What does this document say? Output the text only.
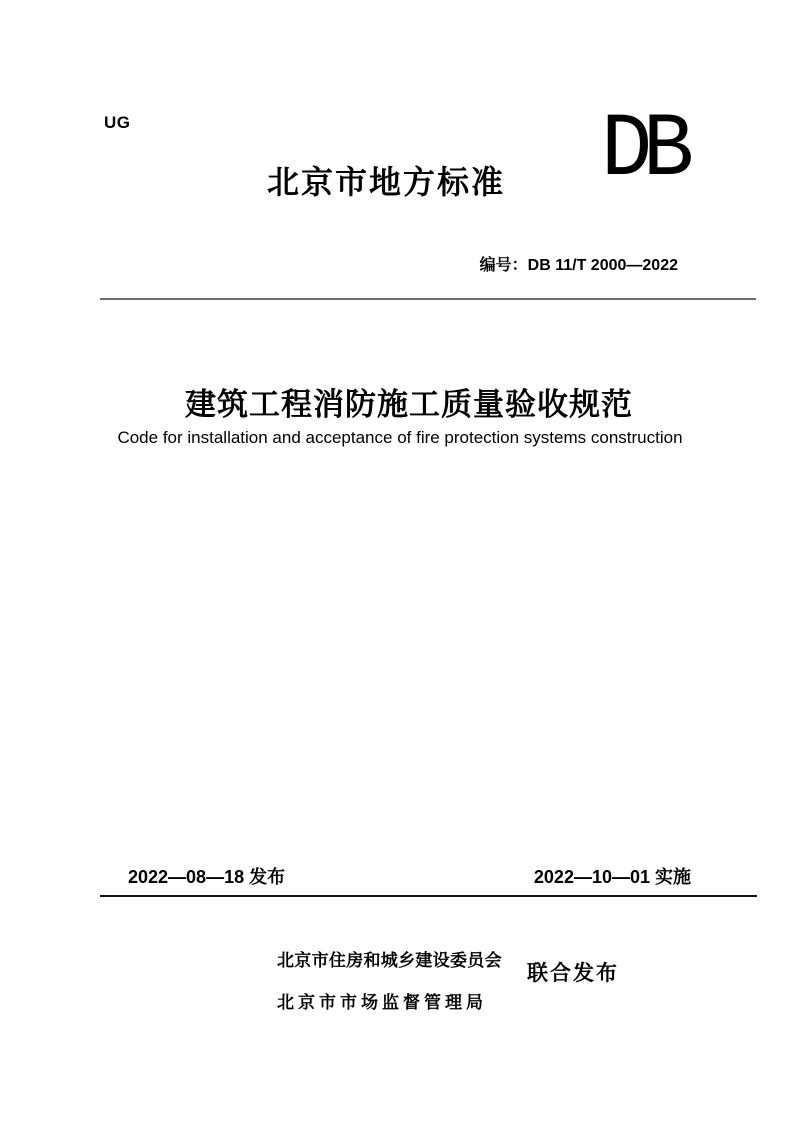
UG
北京市地方标准	DB
编号：DB 11/T 2000—2022
建筑工程消防施工质量验收规范
Code for installation and acceptance of fire protection systems construction
2022—08—18 发布	2022—10—01 实施
北京市住房和城乡建设委员会
北京市市场监督管理局
联合发布
